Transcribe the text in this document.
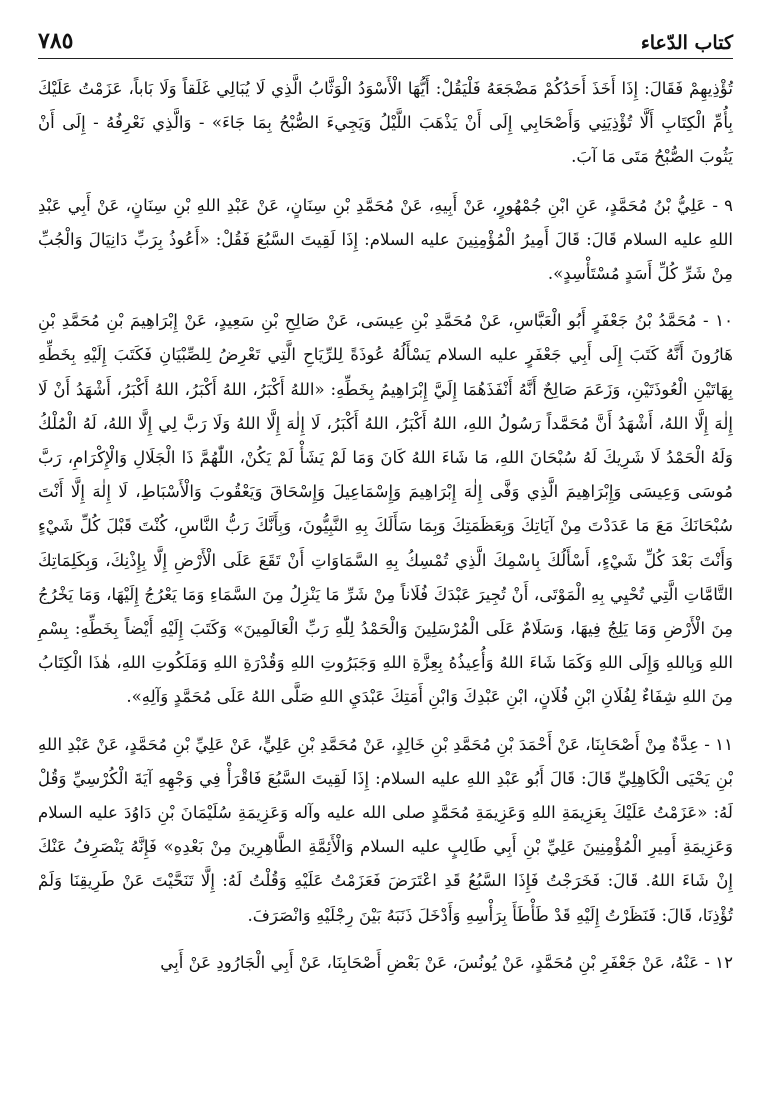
٧٨٥	كتاب الدّعاء

تُؤْذِيهِمْ فَقَالَ: إِذَا أَخَذَ أَحَدُكُمْ مَضْجَعَهُ فَلْيَقُلْ: أَيُّهَا الْأَسْوَدُ الْوَثَّابُ الَّذِي لَا يُبَالِي غَلَقاً وَلَا بَاباً، عَزَمْتُ عَلَيْكَ بِأُمِّ الْكِتَابِ أَلَّا تُؤْذِيَنِي وَأَصْحَابِي إِلَى أَنْ يَذْهَبَ اللَّيْلُ وَيَجِيءَ الصُّبْحُ بِمَا جَاءَ» - وَالَّذِي نَعْرِفُهُ - إِلَى أَنْ يَثُوبَ الصُّبْحُ مَتَى مَا آبَ.

٩ - عَلِيُّ بْنُ مُحَمَّدٍ، عَنِ ابْنِ جُمْهُورٍ، عَنْ أَبِيهِ، عَنْ مُحَمَّدِ بْنِ سِنَانٍ، عَنْ عَبْدِ اللهِ بْنِ سِنَانٍ، عَنْ أَبِي عَبْدِ اللهِ عليه السلام قَالَ: قَالَ أَمِيرُ الْمُؤْمِنِينَ عليه السلام: إِذَا لَقِيتَ السَّبُعَ فَقُلْ: «أَعُوذُ بِرَبِّ دَانِيَالَ وَالْجُبِّ مِنْ شَرِّ كُلِّ أَسَدٍ مُسْتَأْسِدٍ».

١٠ - مُحَمَّدُ بْنُ جَعْفَرٍ أَبُو الْعَبَّاسِ، عَنْ مُحَمَّدِ بْنِ عِيسَى، عَنْ صَالِحِ بْنِ سَعِيدٍ، عَنْ إِبْرَاهِيمَ بْنِ مُحَمَّدِ بْنِ هَارُونَ أَنَّهُ كَتَبَ إِلَى أَبِي جَعْفَرٍ عليه السلام يَسْأَلُهُ عُوذَةً لِلرِّيَاحِ الَّتِي تَعْرِضُ لِلصِّبْيَانِ فَكَتَبَ إِلَيْهِ بِخَطِّهِ بِهَاتَيْنِ الْعُوذَتَيْنِ، وَزَعَمَ صَالِحٌ أَنَّهُ أَنْفَذَهُمَا إِلَيَّ إِبْرَاهِيمُ بِخَطِّهِ: «اللهُ أَكْبَرُ، اللهُ أَكْبَرُ، اللهُ أَكْبَرُ، أَشْهَدُ أَنْ لَا إِلٰهَ إِلَّا اللهُ، أَشْهَدُ أَنَّ مُحَمَّداً رَسُولُ اللهِ، اللهُ أَكْبَرُ، اللهُ أَكْبَرُ، لَا إِلٰهَ إِلَّا اللهُ وَلَا رَبَّ لِي إِلَّا اللهُ، لَهُ الْمُلْكُ وَلَهُ الْحَمْدُ لَا شَرِيكَ لَهُ سُبْحَانَ اللهِ، مَا شَاءَ اللهُ كَانَ وَمَا لَمْ يَشَأْ لَمْ يَكُنْ، اللّٰهُمَّ ذَا الْجَلَالِ وَالْإِكْرَامِ، رَبَّ مُوسَى وَعِيسَى وَإِبْرَاهِيمَ الَّذِي وَفَّى إِلٰهَ إِبْرَاهِيمَ وَإِسْمَاعِيلَ وَإِسْحَاقَ وَيَعْقُوبَ وَالْأَسْبَاطِ، لَا إِلٰهَ إِلَّا أَنْتَ سُبْحَانَكَ مَعَ مَا عَدَدْتَ مِنْ آيَاتِكَ وَبِعَظَمَتِكَ وَبِمَا سَأَلَكَ بِهِ النَّبِيُّونَ، وَبِأَنَّكَ رَبُّ النَّاسِ، كُنْتَ قَبْلَ كُلِّ شَيْءٍ وَأَنْتَ بَعْدَ كُلِّ شَيْءٍ، أَسْأَلُكَ بِاسْمِكَ الَّذِي تُمْسِكُ بِهِ السَّمَاوَاتِ أَنْ تَقَعَ عَلَى الْأَرْضِ إِلَّا بِإِذْنِكَ، وَبِكَلِمَاتِكَ التَّامَّاتِ الَّتِي تُحْيِي بِهِ الْمَوْتَى، أَنْ تُجِيرَ عَبْدَكَ فُلَاناً مِنْ شَرِّ مَا يَنْزِلُ مِنَ السَّمَاءِ وَمَا يَعْرُجُ إِلَيْهَا، وَمَا يَخْرُجُ مِنَ الْأَرْضِ وَمَا يَلِجُ فِيهَا، وَسَلَامٌ عَلَى الْمُرْسَلِينَ وَالْحَمْدُ لِلّٰهِ رَبِّ الْعَالَمِينَ» وَكَتَبَ إِلَيْهِ أَيْضاً بِخَطِّهِ: بِسْمِ اللهِ وَبِاللهِ وَإِلَى اللهِ وَكَمَا شَاءَ اللهُ وَأُعِيذُهُ بِعِزَّةِ اللهِ وَجَبَرُوتِ اللهِ وَقُدْرَةِ اللهِ وَمَلَكُوتِ اللهِ، هٰذَا الْكِتَابُ مِنَ اللهِ شِفَاءٌ لِفُلَانِ ابْنِ فُلَانٍ، ابْنِ عَبْدِكَ وَابْنِ أَمَتِكَ عَبْدَيِ اللهِ صَلَّى اللهُ عَلَى مُحَمَّدٍ وَآلِهِ».

١١ - عِدَّةٌ مِنْ أَصْحَابِنَا، عَنْ أَحْمَدَ بْنِ مُحَمَّدِ بْنِ خَالِدٍ، عَنْ مُحَمَّدِ بْنِ عَلِيٍّ، عَنْ عَلِيِّ بْنِ مُحَمَّدٍ، عَنْ عَبْدِ اللهِ بْنِ يَحْيَى الْكَاهِلِيِّ قَالَ: قَالَ أَبُو عَبْدِ اللهِ عليه السلام: إِذَا لَقِيتَ السَّبُعَ فَاقْرَأْ فِي وَجْهِهِ آيَةَ الْكُرْسِيِّ وَقُلْ لَهُ: «عَزَمْتُ عَلَيْكَ بِعَزِيمَةِ اللهِ وَعَزِيمَةِ مُحَمَّدٍ صلى الله عليه وآله وَعَزِيمَةِ سُلَيْمَانَ بْنِ دَاوُدَ عليه السلام وَعَزِيمَةِ أَمِيرِ الْمُؤْمِنِينَ عَلِيِّ بْنِ أَبِي طَالِبٍ عليه السلام وَالْأَئِمَّةِ الطَّاهِرِينَ مِنْ بَعْدِهِ» فَإِنَّهُ يَنْصَرِفُ عَنْكَ إِنْ شَاءَ اللهُ. قَالَ: فَخَرَجْتُ فَإِذَا السَّبُعُ قَدِ اعْتَرَضَ فَعَزَمْتُ عَلَيْهِ وَقُلْتُ لَهُ: إِلَّا تَنَحَّيْتَ عَنْ طَرِيقِنَا وَلَمْ تُؤْذِنَا، قَالَ: فَنَظَرْتُ إِلَيْهِ قَدْ طَأْطَأَ بِرَأْسِهِ وَأَدْخَلَ ذَنَبَهُ بَيْنَ رِجْلَيْهِ وَانْصَرَفَ.

١٢ - عَنْهُ، عَنْ جَعْفَرِ بْنِ مُحَمَّدٍ، عَنْ يُونُسَ، عَنْ بَعْضِ أَصْحَابِنَا، عَنْ أَبِي الْجَارُودِ عَنْ أَبِي
